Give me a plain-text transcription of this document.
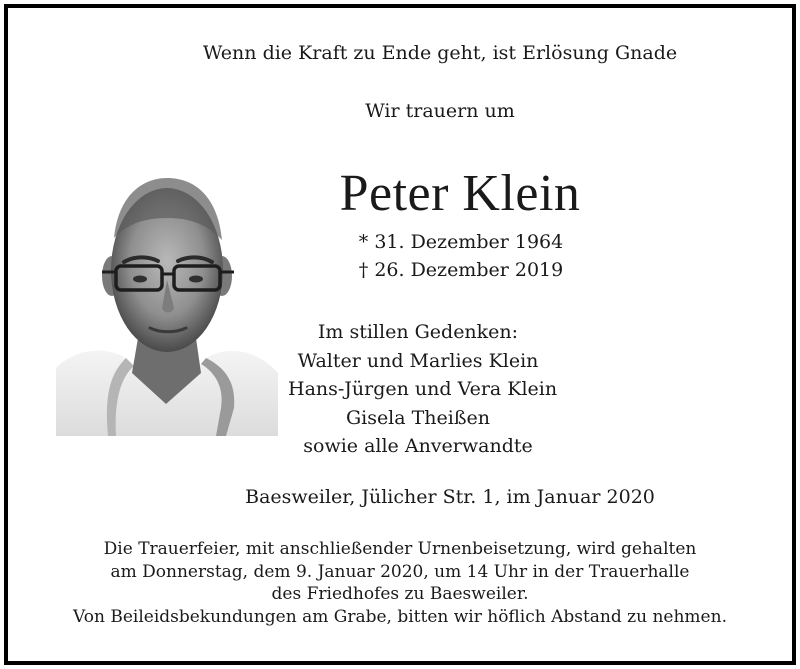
Wenn die Kraft zu Ende geht, ist Erlösung Gnade
Wir trauern um
Peter Klein
* 31. Dezember 1964
† 26. Dezember 2019
Im stillen Gedenken:
Walter und Marlies Klein
Hans-Jürgen und Vera Klein
Gisela Theißen
sowie alle Anverwandte
Baesweiler, Jülicher Str. 1, im Januar 2020
Die Trauerfeier, mit anschließender Urnenbeisetzung, wird gehalten
am Donnerstag, dem 9. Januar 2020, um 14 Uhr in der Trauerhalle
des Friedhofes zu Baesweiler.
Von Beileidsbekundungen am Grabe, bitten wir höflich Abstand zu nehmen.
